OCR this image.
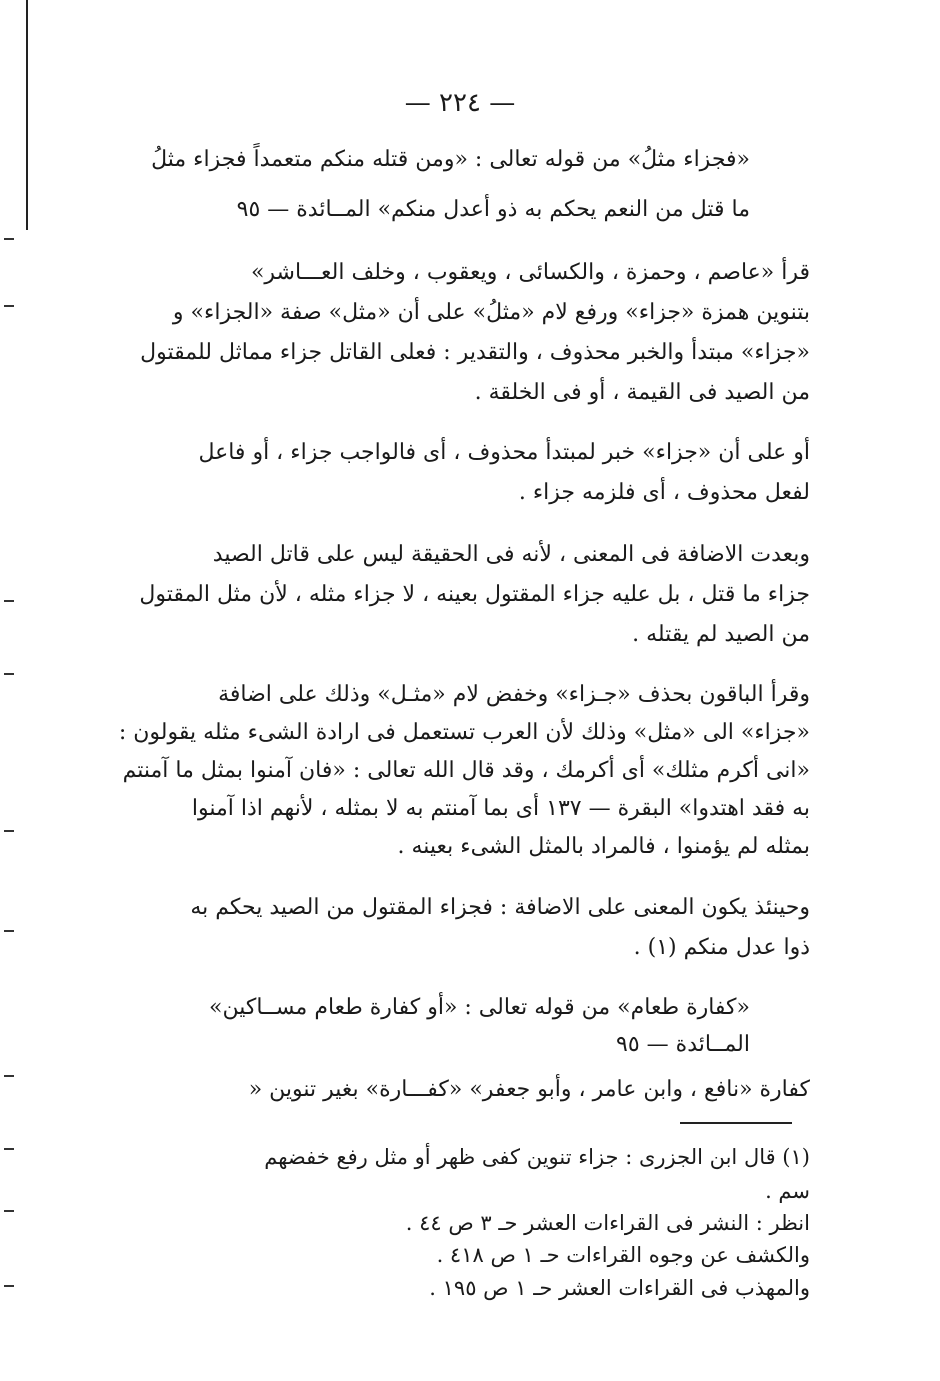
— ٢٢٤ —
«فجزاء مثلُ» من قوله تعالى : «ومن قتله منكم متعمداً فجزاء مثلُ
ما قتل من النعم يحكم به ذو أعدل منكم» المــائدة — ٩٥
قرأ «عاصم ، وحمزة ، والكسائى ، ويعقوب ، وخلف العـــاشر»
بتنوين همزة «جزاء» ورفع لام «مثلُ» على أن «مثل» صفة «الجزاء» و
«جزاء» مبتدأ والخبر محذوف ، والتقدير : فعلى القاتل جزاء مماثل للمقتول
من الصيد فى القيمة ، أو فى الخلقة .
أو على أن «جزاء» خبر لمبتدأ محذوف ، أى فالواجب جزاء ، أو فاعل
لفعل محذوف ، أى فلزمه جزاء .
وبعدت الاضافة فى المعنى ، لأنه فى الحقيقة ليس على قاتل الصيد
جزاء ما قتل ، بل عليه جزاء المقتول بعينه ، لا جزاء مثله ، لأن مثل المقتول
من الصيد لم يقتله .
وقرأ الباقون بحذف «جـزاء» وخفض لام «مثـل» وذلك على اضافة
«جزاء» الى «مثل» وذلك لأن العرب تستعمل فى ارادة الشىء مثله يقولون :
«انى أكرم مثلك» أى أكرمك ، وقد قال الله تعالى : «فان آمنوا بمثل ما آمنتم
به فقد اهتدوا» البقرة — ١٣٧ أى بما آمنتم به لا بمثله ، لأنهم اذا آمنوا
بمثله لم يؤمنوا ، فالمراد بالمثل الشىء بعينه .
وحينئذ يكون المعنى على الاضافة : فجزاء المقتول من الصيد يحكم به
ذوا عدل منكم (١) .
«كفارة طعام» من قوله تعالى : «أو كفارة طعام مســاكين»
المــائدة — ٩٥
كفارة «نافع ، وابن عامر ، وأبو جعفر» «كفـــارة» بغير تنوين «
(١) قال ابن الجزرى : جزاء تنوين كفى ظهر أو مثل رفع خفضهم
سم .
انظر : النشر فى القراءات العشر حـ ٣ ص ٤٤ .
والكشف عن وجوه القراءات حـ ١ ص ٤١٨ .
والمهذب فى القراءات العشر حـ ١ ص ١٩٥ .
